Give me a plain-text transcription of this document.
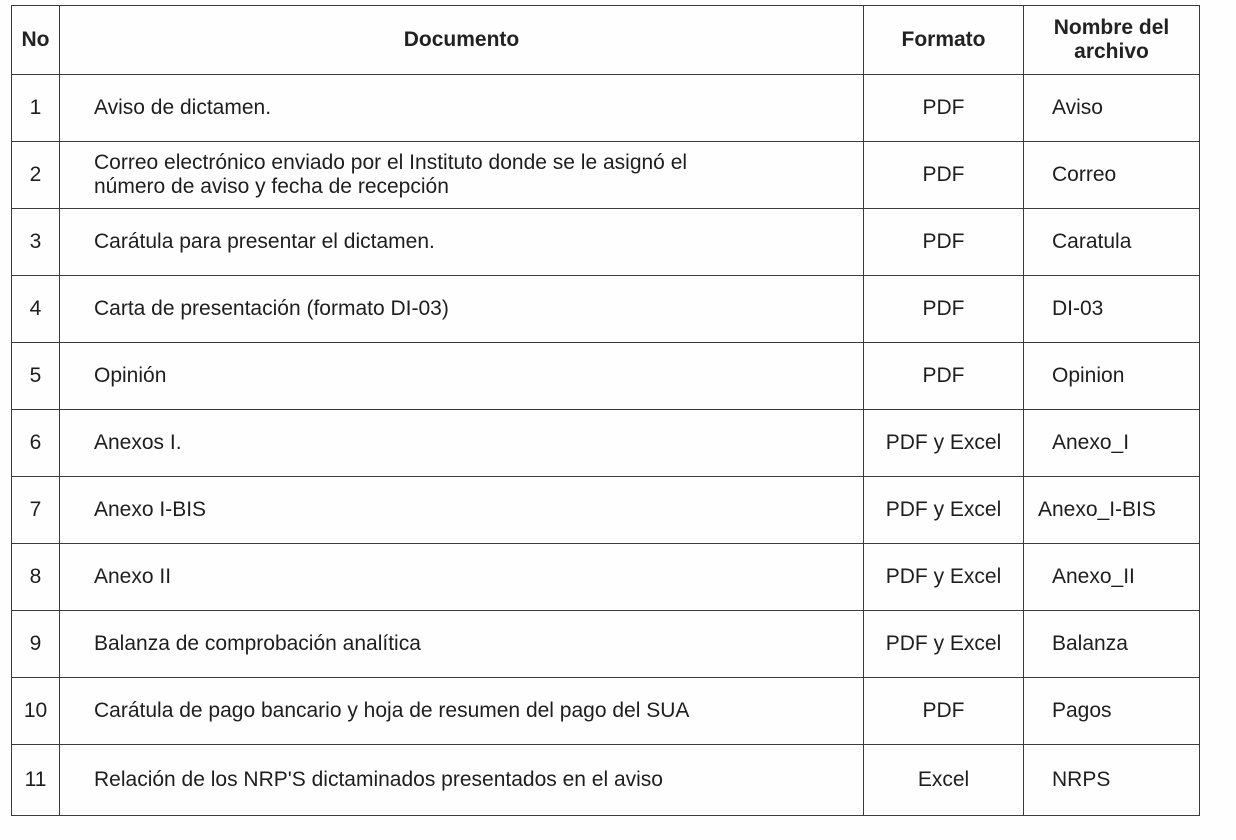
No	Documento	Formato	Nombre del
archivo
1	Aviso de dictamen.	PDF	Aviso
2	Correo electrónico enviado por el Instituto donde se le asignó el
número de aviso y fecha de recepción	PDF	Correo
3	Carátula para presentar el dictamen.	PDF	Caratula
4	Carta de presentación (formato DI-03)	PDF	DI-03
5	Opinión	PDF	Opinion
6	Anexos I.	PDF y Excel	Anexo_I
7	Anexo I-BIS	PDF y Excel	Anexo_I-BIS
8	Anexo II	PDF y Excel	Anexo_II
9	Balanza de comprobación analítica	PDF y Excel	Balanza
10	Carátula de pago bancario y hoja de resumen del pago del SUA	PDF	Pagos
11	Relación de los NRP'S dictaminados presentados en el aviso	Excel	NRPS
